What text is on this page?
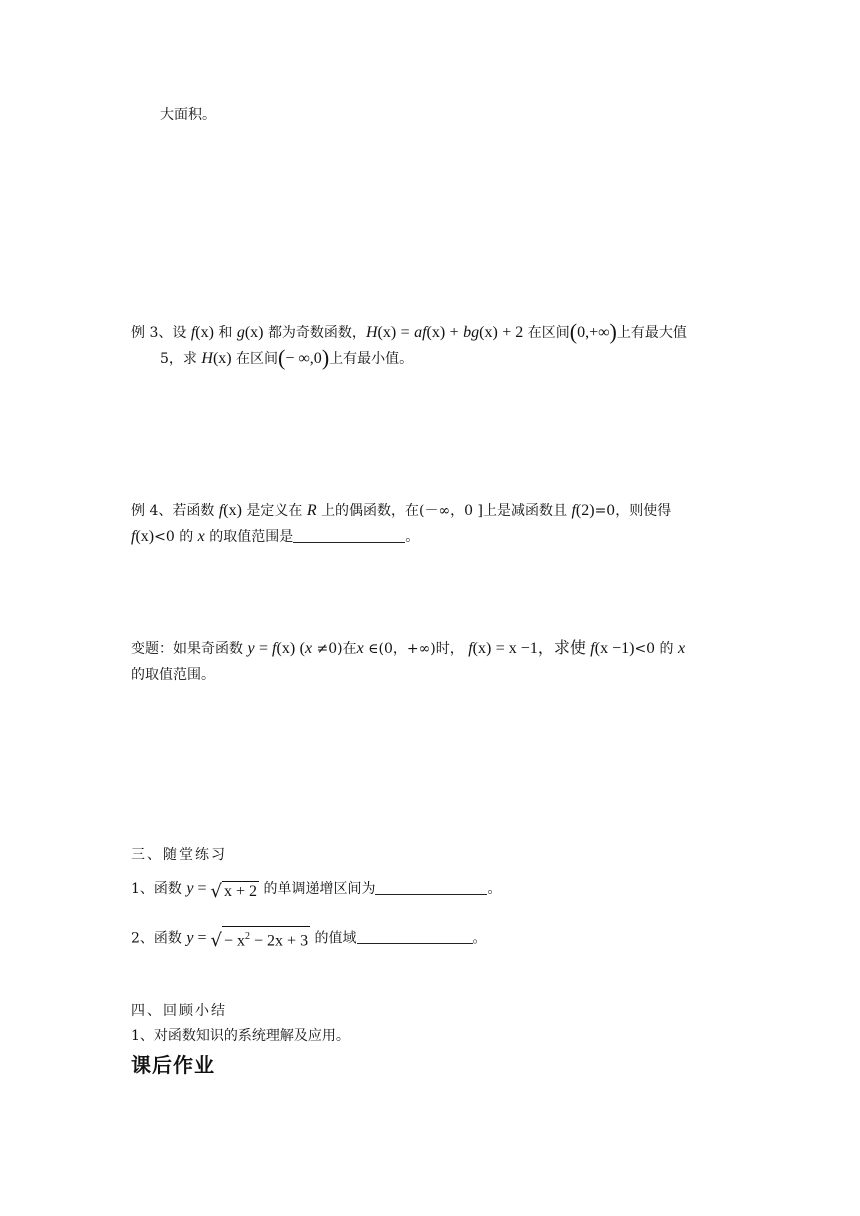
大面积。
例 3、设 f(x) 和 g(x) 都为奇数函数，H(x) = af(x) + bg(x) + 2 在区间(0,+∞)上有最大值
5，求 H(x) 在区间(− ∞,0)上有最小值。
例 4、若函数 f(x) 是定义在 R 上的偶函数，在(－∞，0 ]上是减函数且 f(2)=0，则使得
f(x)<0 的 x 的取值范围是	。
变题：如果奇函数 y = f(x) (x ≠0)在x ∈(0，+∞)时， f(x) = x −1，求使 f(x −1)<0 的 x
的取值范围。
三、随堂练习
1、函数 y = √ x + 2 的单调递增区间为	。
2、函数 y = √ − $x^2 - 2x + 3$ 的值域	。
四、回顾小结
1、对函数知识的系统理解及应用。
课后作业
